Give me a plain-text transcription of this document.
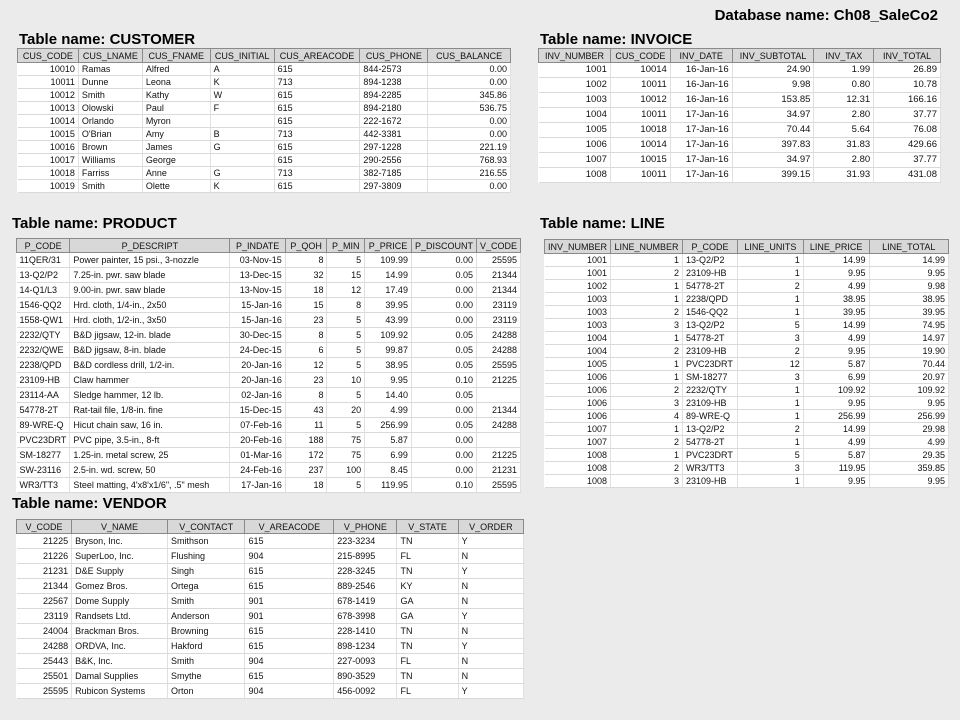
Database name: Ch08_SaleCo2
Table name: CUSTOMER
CUS_CODE	CUS_LNAME	CUS_FNAME	CUS_INITIAL	CUS_AREACODE	CUS_PHONE	CUS_BALANCE
10010	Ramas	Alfred	A	615	844-2573	0.00
10011	Dunne	Leona	K	713	894-1238	0.00
10012	Smith	Kathy	W	615	894-2285	345.86
10013	Olowski	Paul	F	615	894-2180	536.75
10014	Orlando	Myron		615	222-1672	0.00
10015	O'Brian	Amy	B	713	442-3381	0.00
10016	Brown	James	G	615	297-1228	221.19
10017	Williams	George		615	290-2556	768.93
10018	Farriss	Anne	G	713	382-7185	216.55
10019	Smith	Olette	K	615	297-3809	0.00
Table name: INVOICE
INV_NUMBER	CUS_CODE	INV_DATE	INV_SUBTOTAL	INV_TAX	INV_TOTAL
1001	10014	16-Jan-16	24.90	1.99	26.89
1002	10011	16-Jan-16	9.98	0.80	10.78
1003	10012	16-Jan-16	153.85	12.31	166.16
1004	10011	17-Jan-16	34.97	2.80	37.77
1005	10018	17-Jan-16	70.44	5.64	76.08
1006	10014	17-Jan-16	397.83	31.83	429.66
1007	10015	17-Jan-16	34.97	2.80	37.77
1008	10011	17-Jan-16	399.15	31.93	431.08
Table name: PRODUCT
P_CODE	P_DESCRIPT	P_INDATE	P_QOH	P_MIN	P_PRICE	P_DISCOUNT	V_CODE
11QER/31	Power painter, 15 psi., 3-nozzle	03-Nov-15	8	5	109.99	0.00	25595
13-Q2/P2	7.25-in. pwr. saw blade	13-Dec-15	32	15	14.99	0.05	21344
14-Q1/L3	9.00-in. pwr. saw blade	13-Nov-15	18	12	17.49	0.00	21344
1546-QQ2	Hrd. cloth, 1/4-in., 2x50	15-Jan-16	15	8	39.95	0.00	23119
1558-QW1	Hrd. cloth, 1/2-in., 3x50	15-Jan-16	23	5	43.99	0.00	23119
2232/QTY	B&D jigsaw, 12-in. blade	30-Dec-15	8	5	109.92	0.05	24288
2232/QWE	B&D jigsaw, 8-in. blade	24-Dec-15	6	5	99.87	0.05	24288
2238/QPD	B&D cordless drill, 1/2-in.	20-Jan-16	12	5	38.95	0.05	25595
23109-HB	Claw hammer	20-Jan-16	23	10	9.95	0.10	21225
23114-AA	Sledge hammer, 12 lb.	02-Jan-16	8	5	14.40	0.05	
54778-2T	Rat-tail file, 1/8-in. fine	15-Dec-15	43	20	4.99	0.00	21344
89-WRE-Q	Hicut chain saw, 16 in.	07-Feb-16	11	5	256.99	0.05	24288
PVC23DRT	PVC pipe, 3.5-in., 8-ft	20-Feb-16	188	75	5.87	0.00	
SM-18277	1.25-in. metal screw, 25	01-Mar-16	172	75	6.99	0.00	21225
SW-23116	2.5-in. wd. screw, 50	24-Feb-16	237	100	8.45	0.00	21231
WR3/TT3	Steel matting, 4'x8'x1/6", .5" mesh	17-Jan-16	18	5	119.95	0.10	25595
Table name: LINE
INV_NUMBER	LINE_NUMBER	P_CODE	LINE_UNITS	LINE_PRICE	LINE_TOTAL
1001	1	13-Q2/P2	1	14.99	14.99
1001	2	23109-HB	1	9.95	9.95
1002	1	54778-2T	2	4.99	9.98
1003	1	2238/QPD	1	38.95	38.95
1003	2	1546-QQ2	1	39.95	39.95
1003	3	13-Q2/P2	5	14.99	74.95
1004	1	54778-2T	3	4.99	14.97
1004	2	23109-HB	2	9.95	19.90
1005	1	PVC23DRT	12	5.87	70.44
1006	1	SM-18277	3	6.99	20.97
1006	2	2232/QTY	1	109.92	109.92
1006	3	23109-HB	1	9.95	9.95
1006	4	89-WRE-Q	1	256.99	256.99
1007	1	13-Q2/P2	2	14.99	29.98
1007	2	54778-2T	1	4.99	4.99
1008	1	PVC23DRT	5	5.87	29.35
1008	2	WR3/TT3	3	119.95	359.85
1008	3	23109-HB	1	9.95	9.95
Table name: VENDOR
V_CODE	V_NAME	V_CONTACT	V_AREACODE	V_PHONE	V_STATE	V_ORDER
21225	Bryson, Inc.	Smithson	615	223-3234	TN	Y
21226	SuperLoo, Inc.	Flushing	904	215-8995	FL	N
21231	D&E Supply	Singh	615	228-3245	TN	Y
21344	Gomez Bros.	Ortega	615	889-2546	KY	N
22567	Dome Supply	Smith	901	678-1419	GA	N
23119	Randsets Ltd.	Anderson	901	678-3998	GA	Y
24004	Brackman Bros.	Browning	615	228-1410	TN	N
24288	ORDVA, Inc.	Hakford	615	898-1234	TN	Y
25443	B&K, Inc.	Smith	904	227-0093	FL	N
25501	Damal Supplies	Smythe	615	890-3529	TN	N
25595	Rubicon Systems	Orton	904	456-0092	FL	Y
